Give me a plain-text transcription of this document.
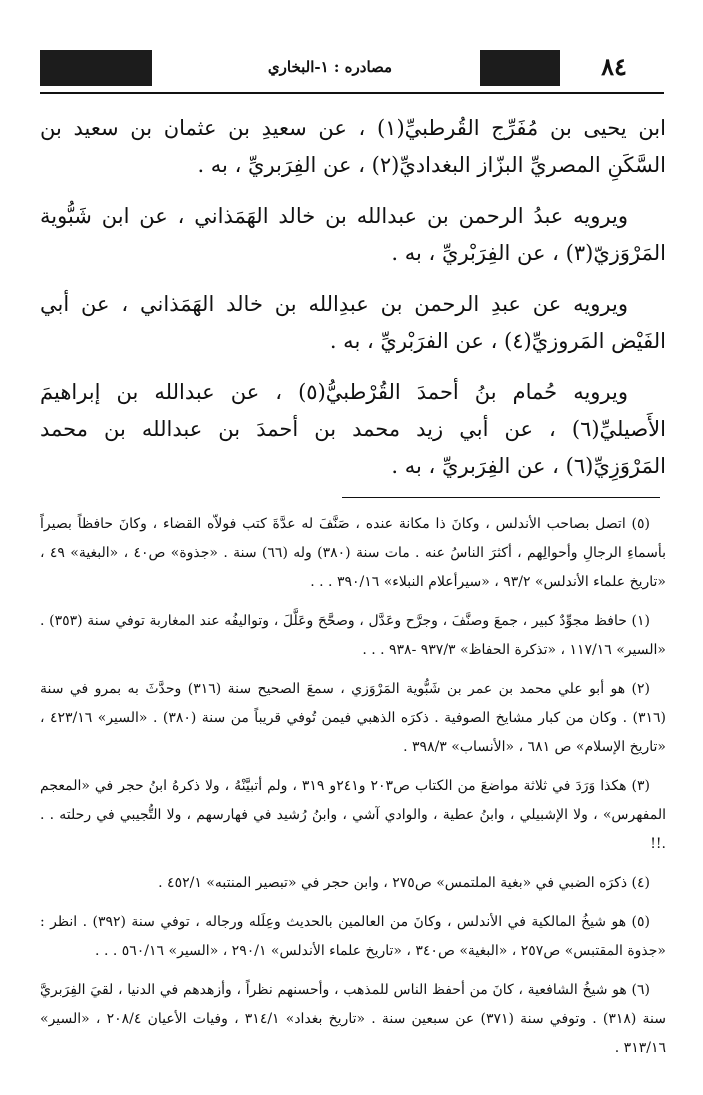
مصادره : ١-البخاري	٨٤

ابن يحيى بن مُفَرِّج القُرطبيِّ(١) ، عن سعيدِ بن عثمان بن سعيد بن السَّكَنِ المصريِّ البزّاز البغداديِّ(٢) ، عن الفِرَبريِّ ، به .

ويرويه عبدُ الرحمن بن عبدالله بن خالد الهَمَذاني ، عن ابن شَبُّوية المَرْوَزيّ(٣) ، عن الفِرَبْريِّ ، به .

ويرويه عن عبدِ الرحمن بن عبدِالله بن خالد الهَمَذاني ، عن أبي الفَيْض المَروزيِّ(٤) ، عن الفرَبْريِّ ، به .

ويرويه حُمام بنُ أحمدَ القُرْطبيُّ(٥) ، عن عبدالله بن إبراهيمَ الأَصيليِّ(٦) ، عن أبي زيد محمد بن أحمدَ بن عبدالله بن محمد المَرْوَزِيِّ(٦) ، عن الفِرَبريِّ ، به .

(٥) اتصل بصاحب الأندلس ، وكانَ ذا مكانة عنده ، صَنَّفَ له عدَّةَ كتب فولاّه القضاء ، وكانَ حافظاً بصيراً بأسماءِ الرجالِ وأحوالِهم ، أكثرَ الناسُ عنه . مات سنة (٣٨٠) وله (٦٦) سنة . «جذوة» ص٤٠ ، «البغية» ٤٩ ، «تاريخ علماء الأندلس» ٩٣/٢ ، «سيرأعلام النبلاء» ٣٩٠/١٦ . . .

(١) حافظ مجوِّدٌ كبير ، جمعَ وصنَّفَ ، وجرَّح وعَدَّل ، وصحَّحَ وعَلَّلَ ، وتواليفُه عند المغاربة توفي سنة (٣٥٣) . «السير» ١١٧/١٦ ، «تذكرة الحفاظ» ٩٣٧/٣ -٩٣٨ . . .

(٢) هو أبو علي محمد بن عمر بن شَبُّوية المَرْوَزي ، سمعَ الصحيح سنة (٣١٦) وحدَّثَ به بمرو في سنة (٣١٦) . وكان من كبار مشايخ الصوفية . ذكرَه الذهبي فيمن تُوفي قريباً من سنة (٣٨٠) . «السير» ٤٢٣/١٦ ، «تاريخ الإسلام» ص ٦٨١ ، «الأنساب» ٣٩٨/٣ .

(٣) هكذا وَرَدَ في ثلاثة مواضعَ من الكتاب ص٢٠٣ و٢٤١و ٣١٩ ، ولم أتبيَّنْهُ ، ولا ذكرهُ ابنُ حجر في «المعجم المفهرس» ، ولا الإشبيلي ، وابنُ عطية ، والوادي آشي ، وابنُ رُشيد في فهارسهم ، ولا التُّجيبي في رحلته . . .!!

(٤) ذكرَه الضبي في «بغية الملتمس» ص٢٧٥ ، وابن حجر في «تبصير المنتبه» ٤٥٢/١ .

(٥) هو شيخُ المالكية في الأندلس ، وكانَ من العالمين بالحديث وعِلَله ورجاله ، توفي سنة (٣٩٢) . انظر : «جذوة المقتبس» ص٢٥٧ ، «البغية» ص٣٤٠ ، «تاريخ علماء الأندلس» ٢٩٠/١ ، «السير» ٥٦٠/١٦ . . .

(٦) هو شيخُ الشافعية ، كانَ من أحفظ الناس للمذهب ، وأحسنهم نظراً ، وأزهدهم في الدنيا ، لقيَ الفِرَبريَّ سنة (٣١٨) . وتوفي سنة (٣٧١) عن سبعين سنة . «تاريخ بغداد» ٣١٤/١ ، وفيات الأعيان ٢٠٨/٤ ، «السير» ٣١٣/١٦ .
